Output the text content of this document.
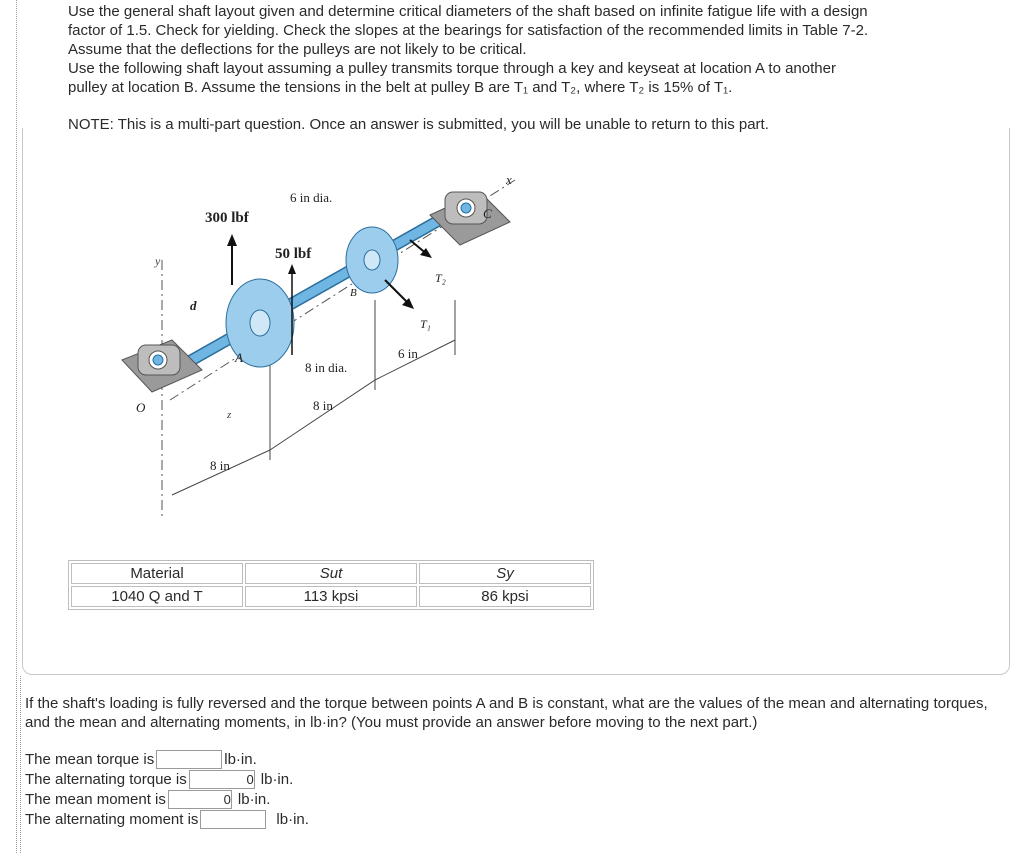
Use the general shaft layout given and determine critical diameters of the shaft based on infinite fatigue life with a design

factor of 1.5. Check for yielding. Check the slopes at the bearings for satisfaction of the recommended limits in Table 7-2.

Assume that the deflections for the pulleys are not likely to be critical.

Use the following shaft layout assuming a pulley transmits torque through a key and keyseat at location A to another

pulley at location B. Assume the tensions in the belt at pulley B are T₁ and T₂, where T₂ is 15% of T₁.

NOTE: This is a multi-part question. Once an answer is submitted, you will be unable to return to this part.

6 in dia.
300 lbf
50 lbf
d
y
A
B
C
x
O	z
T₂
T₁
8 in dia.
6 in
8 in
8 in
Material	Sut	Sy
1040 Q and T	113 kpsi	86 kpsi
If the shaft's loading is fully reversed and the torque between points A and B is constant, what are the values of the mean and alternating torques, and the mean and alternating moments, in lb·in? (You must provide an answer before moving to the next part.)
The mean torque is	lb·in.
The alternating torque is	0 lb·in.
The mean moment is	0 lb·in.
The alternating moment is	lb·in.
